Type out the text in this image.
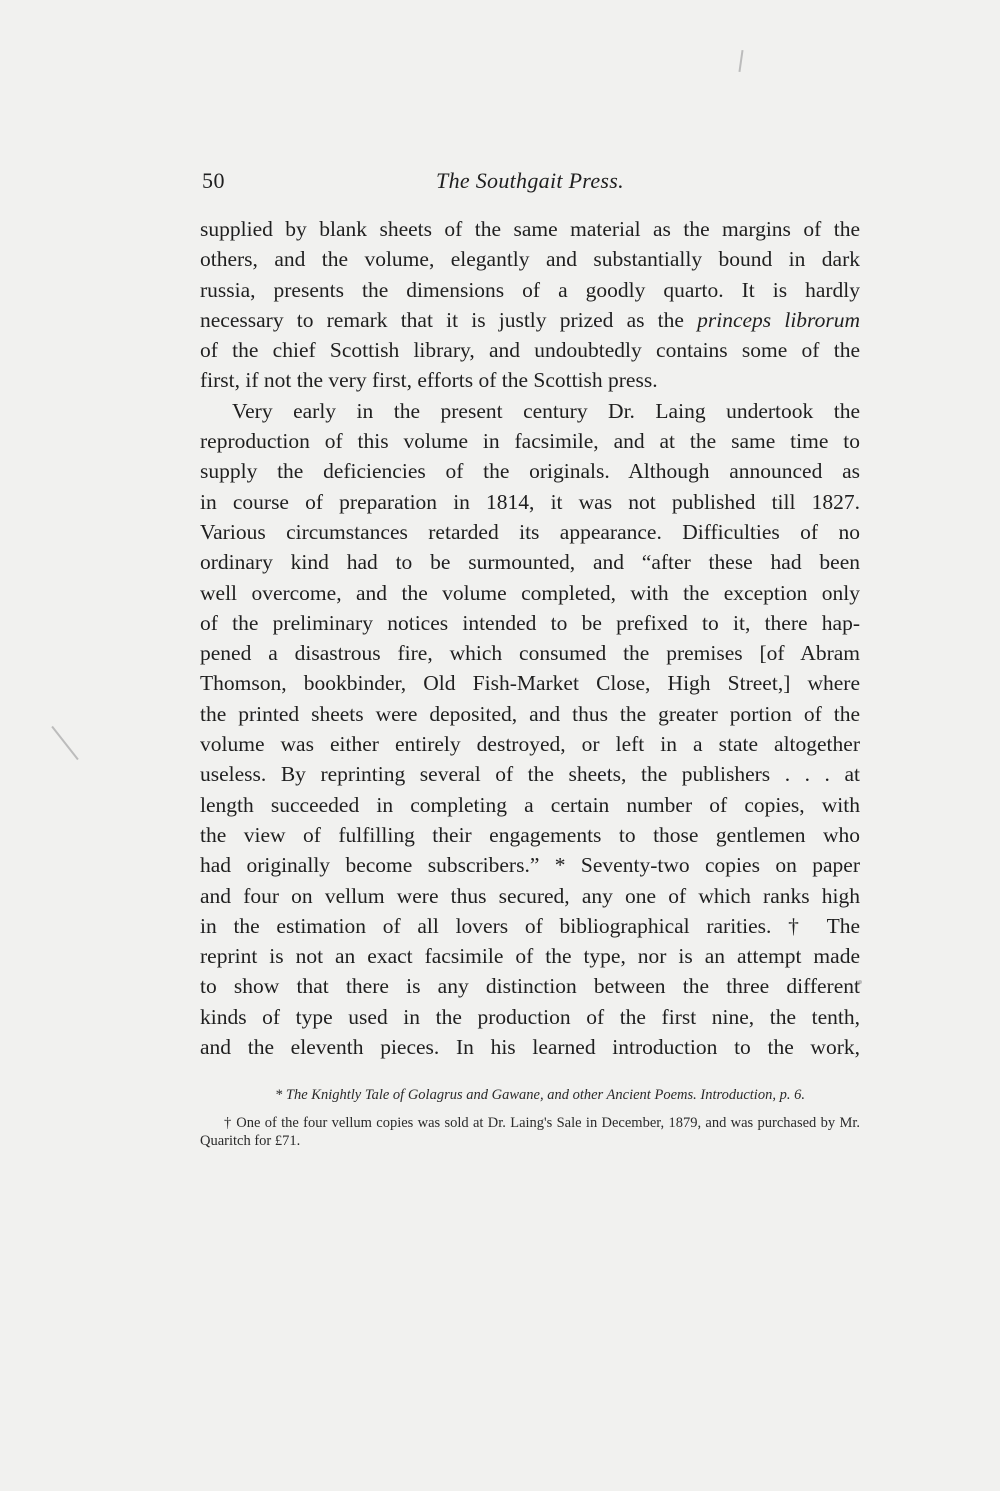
50	The Southgait Press.
supplied by blank sheets of the same material as the margins of the
others, and the volume, elegantly and substantially bound in dark
russia, presents the dimensions of a goodly quarto. It is hardly
necessary to remark that it is justly prized as the princeps librorum
of the chief Scottish library, and undoubtedly contains some of the
first, if not the very first, efforts of the Scottish press.
Very early in the present century Dr. Laing undertook the
reproduction of this volume in facsimile, and at the same time to
supply the deficiencies of the originals. Although announced as
in course of preparation in 1814, it was not published till 1827.
Various circumstances retarded its appearance. Difficulties of no
ordinary kind had to be surmounted, and “after these had been
well overcome, and the volume completed, with the exception only
of the preliminary notices intended to be prefixed to it, there hap-
pened a disastrous fire, which consumed the premises [of Abram
Thomson, bookbinder, Old Fish-Market Close, High Street,] where
the printed sheets were deposited, and thus the greater portion of the
volume was either entirely destroyed, or left in a state altogether
useless. By reprinting several of the sheets, the publishers . . . at
length succeeded in completing a certain number of copies, with
the view of fulfilling their engagements to those gentlemen who
had originally become subscribers.” * Seventy-two copies on paper
and four on vellum were thus secured, any one of which ranks high
in the estimation of all lovers of bibliographical rarities. † The
reprint is not an exact facsimile of the type, nor is an attempt made
to show that there is any distinction between the three different
kinds of type used in the production of the first nine, the tenth,
and the eleventh pieces. In his learned introduction to the work,
* The Knightly Tale of Golagrus and Gawane, and other Ancient Poems. Introduction, p. 6.
† One of the four vellum copies was sold at Dr. Laing's Sale in December, 1879, and was purchased by Mr. Quaritch for £71.
